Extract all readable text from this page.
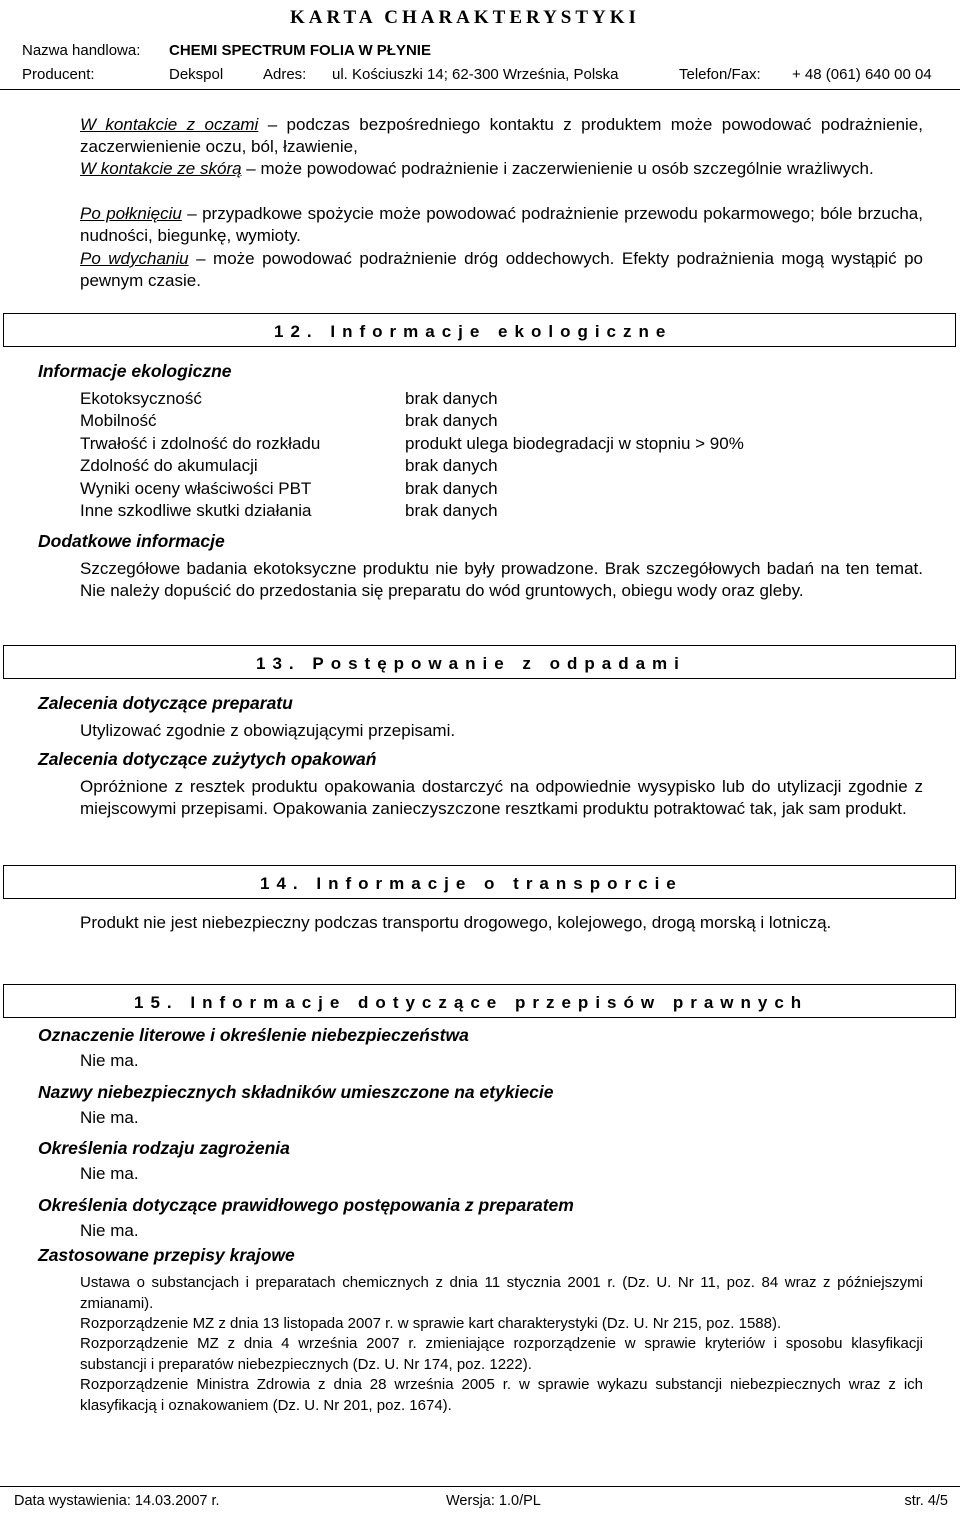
KARTA CHARAKTERYSTYKI
Nazwa handlowa: CHEMI SPECTRUM FOLIA W PŁYNIE
Producent:	Dekspol	Adres: ul. Kościuszki 14; 62-300 Września, Polska	Telefon/Fax: + 48 (061) 640 00 04
W kontakcie z oczami – podczas bezpośredniego kontaktu z produktem może powodować podrażnienie, zaczerwienienie oczu, ból, łzawienie,
W kontakcie ze skórą – może powodować podrażnienie i zaczerwienienie u osób szczególnie wrażliwych.
Po połknięciu – przypadkowe spożycie może powodować podrażnienie przewodu pokarmowego; bóle brzucha, nudności, biegunkę, wymioty.
Po wdychaniu – może powodować podrażnienie dróg oddechowych. Efekty podrażnienia mogą wystąpić po pewnym czasie.
12. Informacje ekologiczne
Informacje ekologiczne
Ekotoksyczność	brak danych
Mobilność	brak danych
Trwałość i zdolność do rozkładu	produkt ulega biodegradacji w stopniu > 90%
Zdolność do akumulacji	brak danych
Wyniki oceny właściwości PBT	brak danych
Inne szkodliwe skutki działania	brak danych
Dodatkowe informacje
Szczegółowe badania ekotoksyczne produktu nie były prowadzone. Brak szczegółowych badań na ten temat. Nie należy dopuścić do przedostania się preparatu do wód gruntowych, obiegu wody oraz gleby.
13. Postępowanie z odpadami
Zalecenia dotyczące preparatu
Utylizować zgodnie z obowiązującymi przepisami.
Zalecenia dotyczące zużytych opakowań
Opróżnione z resztek produktu opakowania dostarczyć na odpowiednie wysypisko lub do utylizacji zgodnie z miejscowymi przepisami. Opakowania zanieczyszczone resztkami produktu potraktować tak, jak sam produkt.
14. Informacje o transporcie
Produkt nie jest niebezpieczny podczas transportu drogowego, kolejowego, drogą morską i lotniczą.
15. Informacje dotyczące przepisów prawnych
Oznaczenie literowe i określenie niebezpieczeństwa
Nie ma.
Nazwy niebezpiecznych składników umieszczone na etykiecie
Nie ma.
Określenia rodzaju zagrożenia
Nie ma.
Określenia dotyczące prawidłowego postępowania z preparatem
Nie ma.
Zastosowane przepisy krajowe
Ustawa o substancjach i preparatach chemicznych z dnia 11 stycznia 2001 r. (Dz. U. Nr 11, poz. 84 wraz z późniejszymi zmianami).
Rozporządzenie MZ z dnia 13 listopada 2007 r. w sprawie kart charakterystyki (Dz. U. Nr 215, poz. 1588).
Rozporządzenie MZ z dnia 4 września 2007 r. zmieniające rozporządzenie w sprawie kryteriów i sposobu klasyfikacji substancji i preparatów niebezpiecznych (Dz. U. Nr 174, poz. 1222).
Rozporządzenie Ministra Zdrowia z dnia 28 września 2005 r. w sprawie wykazu substancji niebezpiecznych wraz z ich klasyfikacją i oznakowaniem (Dz. U. Nr 201, poz. 1674).
Data wystawienia: 14.03.2007 r.	Wersja: 1.0/PL	str. 4/5
